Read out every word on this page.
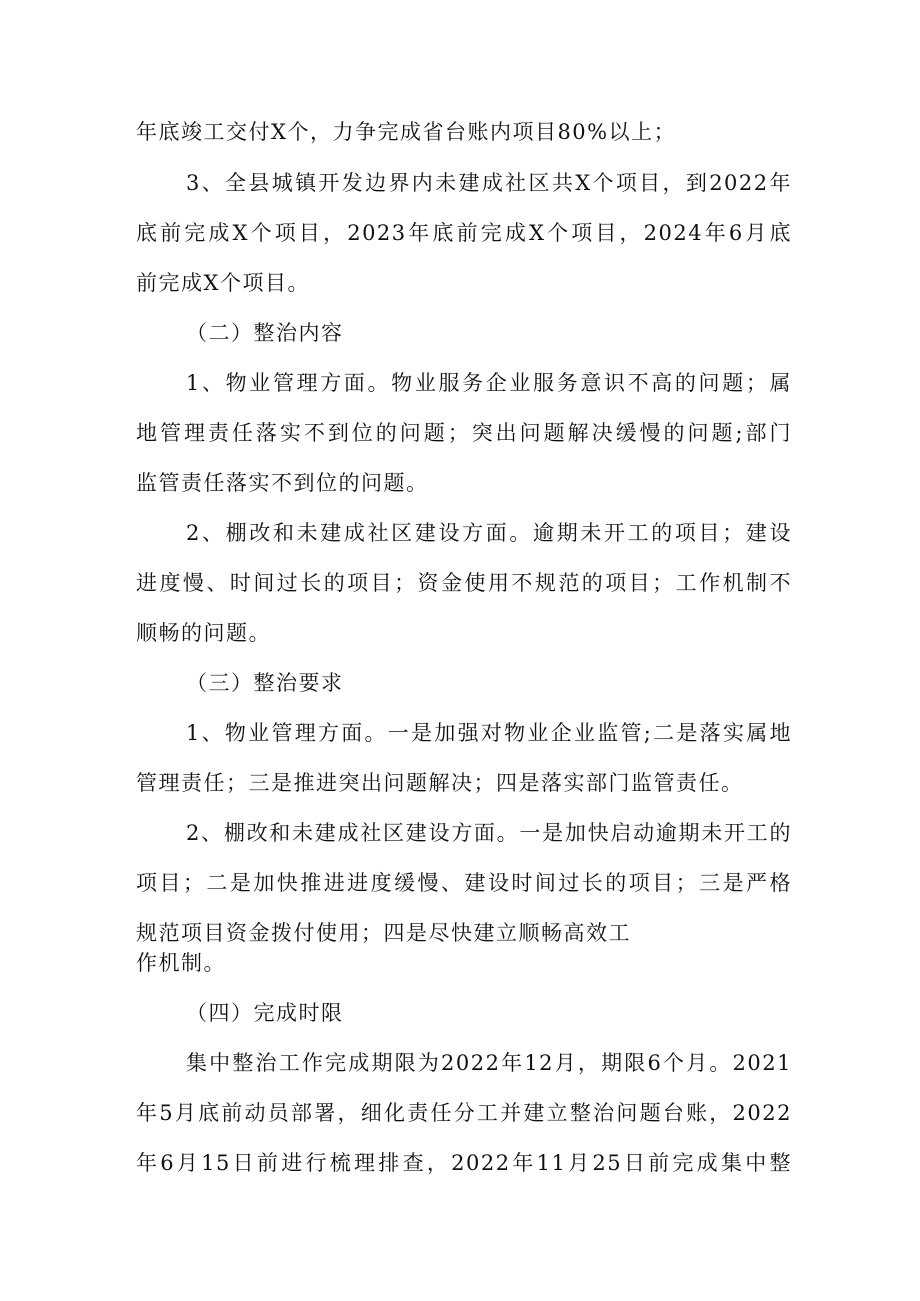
年底竣工交付X个，力争完成省台账内项目80%以上；
3、全县城镇开发边界内未建成社区共X个项目，到2022年
底前完成X个项目，2023年底前完成X个项目，2024年6月底
前完成X个项目。
（二）整治内容
1、物业管理方面。物业服务企业服务意识不高的问题；属
地管理责任落实不到位的问题；突出问题解决缓慢的问题;部门
监管责任落实不到位的问题。
2、棚改和未建成社区建设方面。逾期未开工的项目；建设
进度慢、时间过长的项目；资金使用不规范的项目；工作机制不
顺畅的问题。
（三）整治要求
1、物业管理方面。一是加强对物业企业监管;二是落实属地
管理责任；三是推进突出问题解决；四是落实部门监管责任。
2、棚改和未建成社区建设方面。一是加快启动逾期未开工的
项目；二是加快推进进度缓慢、建设时间过长的项目；三是严格
规范项目资金拨付使用；四是尽快建立顺畅高效工
作机制。
（四）完成时限
集中整治工作完成期限为2022年12月，期限6个月。2021
年5月底前动员部署，细化责任分工并建立整治问题台账，2022
年6月15日前进行梳理排查，2022年11月25日前完成集中整
